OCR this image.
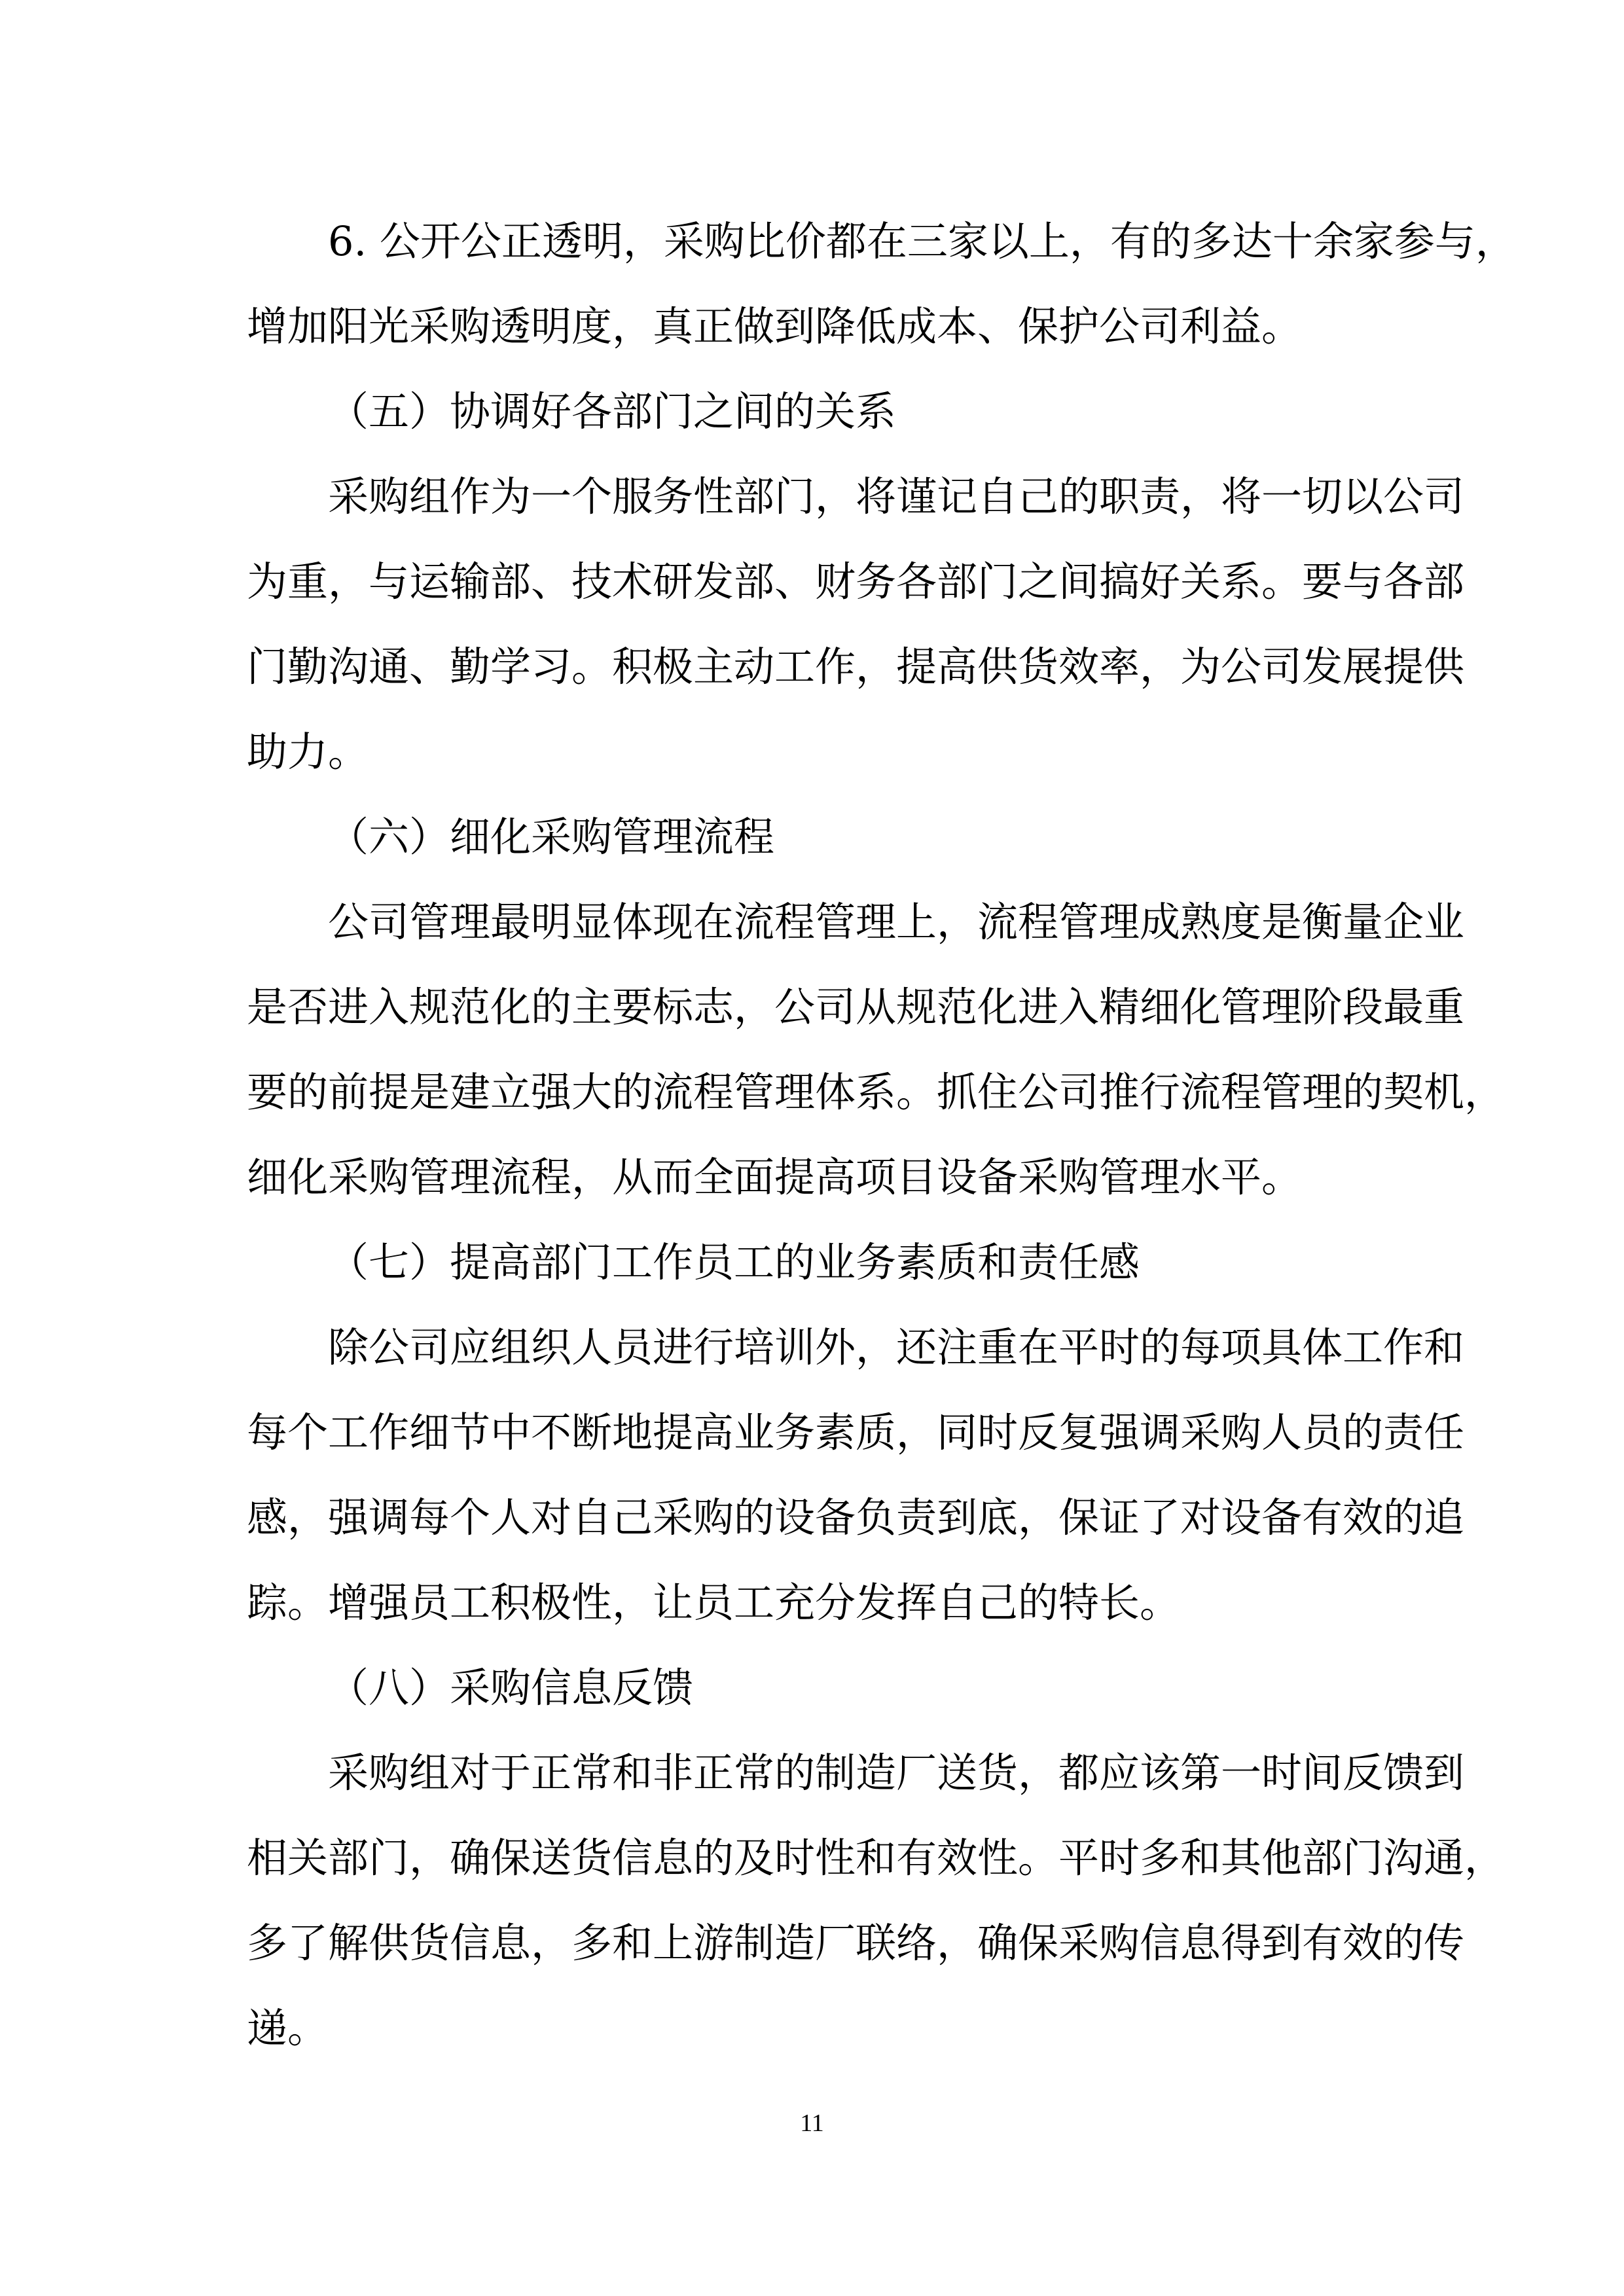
6. 公开公正透明，采购比价都在三家以上，有的多达十余家参与，
增加阳光采购透明度，真正做到降低成本、保护公司利益。
（五）协调好各部门之间的关系
采购组作为一个服务性部门，将谨记自己的职责，将一切以公司
为重，与运输部、技术研发部、财务各部门之间搞好关系。要与各部
门勤沟通、勤学习。积极主动工作，提高供货效率，为公司发展提供
助力。
（六）细化采购管理流程
公司管理最明显体现在流程管理上，流程管理成熟度是衡量企业
是否进入规范化的主要标志，公司从规范化进入精细化管理阶段最重
要的前提是建立强大的流程管理体系。抓住公司推行流程管理的契机，
细化采购管理流程，从而全面提高项目设备采购管理水平。
（七）提高部门工作员工的业务素质和责任感
除公司应组织人员进行培训外，还注重在平时的每项具体工作和
每个工作细节中不断地提高业务素质，同时反复强调采购人员的责任
感，强调每个人对自己采购的设备负责到底，保证了对设备有效的追
踪。增强员工积极性，让员工充分发挥自己的特长。
（八）采购信息反馈
采购组对于正常和非正常的制造厂送货，都应该第一时间反馈到
相关部门，确保送货信息的及时性和有效性。平时多和其他部门沟通，
多了解供货信息，多和上游制造厂联络，确保采购信息得到有效的传
递。
11
